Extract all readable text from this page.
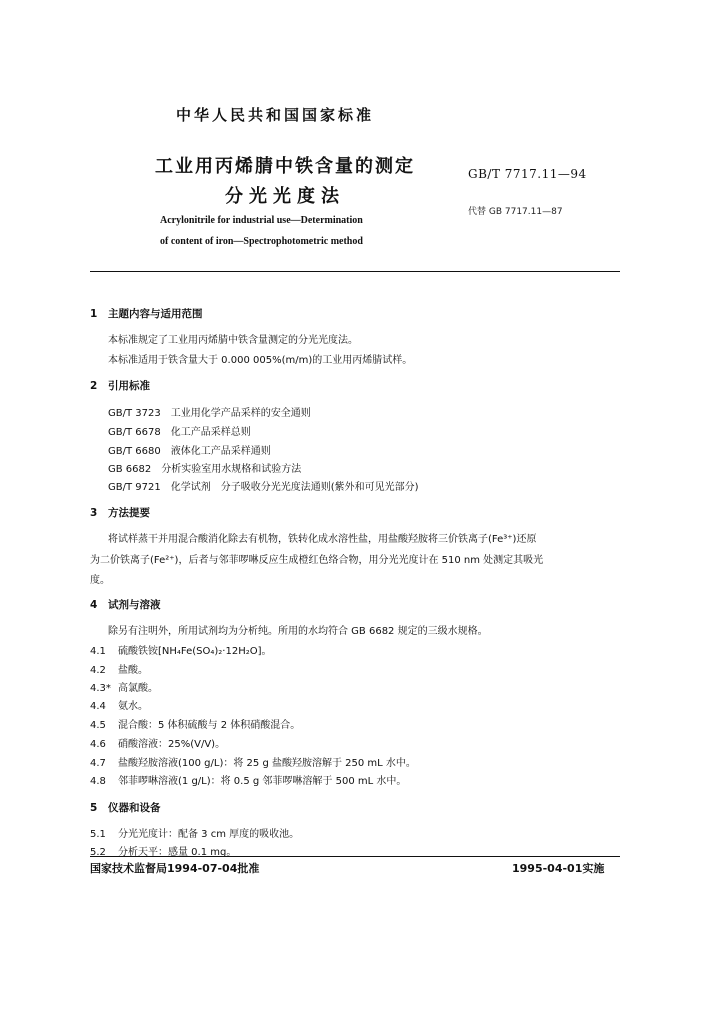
中华人民共和国国家标准
工业用丙烯腈中铁含量的测定
分光光度法
GB/T 7717.11—94
代替 GB 7717.11—87
Acrylonitrile for industrial use—Determination
of content of iron—Spectrophotometric method
1 主题内容与适用范围
本标准规定了工业用丙烯腈中铁含量测定的分光光度法。
本标准适用于铁含量大于 0.000 005%(m/m)的工业用丙烯腈试样。
2 引用标准
GB/T 3723　工业用化学产品采样的安全通则
GB/T 6678　化工产品采样总则
GB/T 6680　液体化工产品采样通则
GB 6682　分析实验室用水规格和试验方法
GB/T 9721　化学试剂　分子吸收分光光度法通则(紫外和可见光部分)
3 方法提要
将试样蒸干并用混合酸消化除去有机物，铁转化成水溶性盐，用盐酸羟胺将三价铁离子(Fe³⁺)还原
为二价铁离子(Fe²⁺)，后者与邻菲啰啉反应生成橙红色络合物，用分光光度计在 510 nm 处测定其吸光
度。
4 试剂与溶液
除另有注明外，所用试剂均为分析纯。所用的水均符合 GB 6682 规定的三级水规格。
4.1 硫酸铁铵[NH₄Fe(SO₄)₂·12H₂O]。
4.2 盐酸。
4.3* 高氯酸。
4.4 氨水。
4.5 混合酸：5 体积硫酸与 2 体积硝酸混合。
4.6 硝酸溶液：25%(V/V)。
4.7 盐酸羟胺溶液(100 g/L)：将 25 g 盐酸羟胺溶解于 250 mL 水中。
4.8 邻菲啰啉溶液(1 g/L)：将 0.5 g 邻菲啰啉溶解于 500 mL 水中。
5 仪器和设备
5.1 分光光度计：配备 3 cm 厚度的吸收池。
5.2 分析天平：感量 0.1 mg。
国家技术监督局1994-07-04批准	1995-04-01实施
